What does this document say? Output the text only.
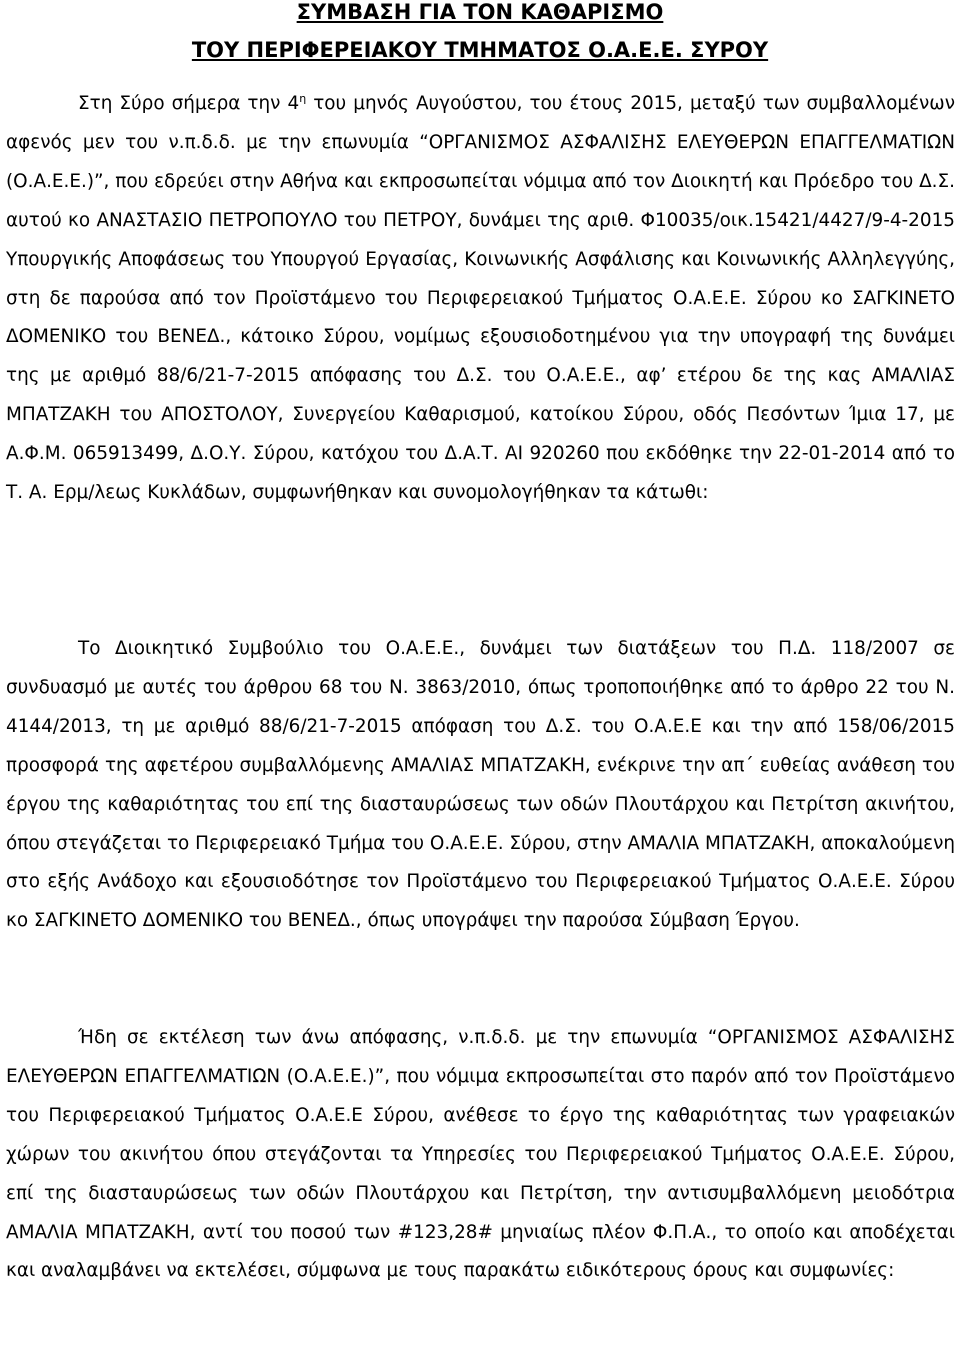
ΣΥΜΒΑΣΗ ΓΙΑ ΤΟΝ ΚΑΘΑΡΙΣΜΟ
ΤΟΥ ΠΕΡΙΦΕΡΕΙΑΚΟΥ ΤΜΗΜΑΤΟΣ Ο.Α.Ε.Ε. ΣΥΡΟΥ

Στη Σύρο σήμερα την $4^\eta$ του μηνός Αυγούστου, του έτους 2015, μεταξύ των συμβαλλομένων αφενός μεν του ν.π.δ.δ. με την επωνυμία “ΟΡΓΑΝΙΣΜΟΣ ΑΣΦΑΛΙΣΗΣ ΕΛΕΥΘΕΡΩΝ ΕΠΑΓΓΕΛΜΑΤΙΩΝ (Ο.Α.Ε.Ε.)”, που εδρεύει στην Αθήνα και εκπροσωπείται νόμιμα από τον Διοικητή και Πρόεδρο του Δ.Σ. αυτού κο ΑΝΑΣΤΑΣΙΟ ΠΕΤΡΟΠΟΥΛΟ του ΠΕΤΡΟΥ, δυνάμει της αριθ. Φ10035/οικ.15421/4427/9-4-2015 Υπουργικής Αποφάσεως του Υπουργού Εργασίας, Κοινωνικής Ασφάλισης και Κοινωνικής Αλληλεγγύης, στη δε παρούσα από τον Προϊστάμενο του Περιφερειακού Τμήματος Ο.Α.Ε.Ε. Σύρου κο ΣΑΓΚΙΝΕΤΟ ΔΟΜΕΝΙΚΟ του ΒΕΝΕΔ., κάτοικο Σύρου, νομίμως εξουσιοδοτημένου για την υπογραφή της δυνάμει της με αριθμό 88/6/21-7-2015 απόφασης του Δ.Σ. του Ο.Α.Ε.Ε., αφ’ ετέρου δε της κας ΑΜΑΛΙΑΣ ΜΠΑΤΖΑΚΗ του ΑΠΟΣΤΟΛΟΥ, Συνεργείου Καθαρισμού, κατοίκου Σύρου, οδός Πεσόντων Ίμια 17, με Α.Φ.Μ. 065913499, Δ.Ο.Υ. Σύρου, κατόχου του Δ.Α.Τ. ΑΙ 920260 που εκδόθηκε την 22-01-2014 από το Τ. Α. Ερμ/λεως Κυκλάδων, συμφωνήθηκαν και συνομολογήθηκαν τα κάτωθι:

Το Διοικητικό Συμβούλιο του Ο.Α.Ε.Ε., δυνάμει των διατάξεων του Π.Δ. 118/2007 σε συνδυασμό με αυτές του άρθρου 68 του Ν. 3863/2010, όπως τροποποιήθηκε από το άρθρο 22 του Ν. 4144/2013, τη με αριθμό 88/6/21-7-2015 απόφαση του Δ.Σ. του Ο.Α.Ε.Ε και την από 158/06/2015 προσφορά της αφετέρου συμβαλλόμενης ΑΜΑΛΙΑΣ ΜΠΑΤΖΑΚΗ, ενέκρινε την απ΄ ευθείας ανάθεση του έργου της καθαριότητας του επί της διασταυρώσεως των οδών Πλουτάρχου και Πετρίτση ακινήτου, όπου στεγάζεται το Περιφερειακό Τμήμα του Ο.Α.Ε.Ε. Σύρου, στην ΑΜΑΛΙΑ ΜΠΑΤΖΑΚΗ, αποκαλούμενη στο εξής Ανάδοχο και εξουσιοδότησε τον Προϊστάμενο του Περιφερειακού Τμήματος Ο.Α.Ε.Ε. Σύρου κο ΣΑΓΚΙΝΕΤΟ ΔΟΜΕΝΙΚΟ του ΒΕΝΕΔ., όπως υπογράψει την παρούσα Σύμβαση Έργου.

Ήδη σε εκτέλεση των άνω απόφασης, ν.π.δ.δ. με την επωνυμία “ΟΡΓΑΝΙΣΜΟΣ ΑΣΦΑΛΙΣΗΣ ΕΛΕΥΘΕΡΩΝ ΕΠΑΓΓΕΛΜΑΤΙΩΝ (Ο.Α.Ε.Ε.)”, που νόμιμα εκπροσωπείται στο παρόν από τον Προϊστάμενο του Περιφερειακού Τμήματος Ο.Α.Ε.Ε Σύρου, ανέθεσε το έργο της καθαριότητας των γραφειακών χώρων του ακινήτου όπου στεγάζονται τα Υπηρεσίες του Περιφερειακού Τμήματος Ο.Α.Ε.Ε. Σύρου, επί της διασταυρώσεως των οδών Πλουτάρχου και Πετρίτση, την αντισυμβαλλόμενη μειοδότρια ΑΜΑΛΙΑ ΜΠΑΤΖΑΚΗ, αντί του ποσού των #123,28# μηνιαίως πλέον Φ.Π.Α., το οποίο και αποδέχεται και αναλαμβάνει να εκτελέσει, σύμφωνα με τους παρακάτω ειδικότερους όρους και συμφωνίες:
